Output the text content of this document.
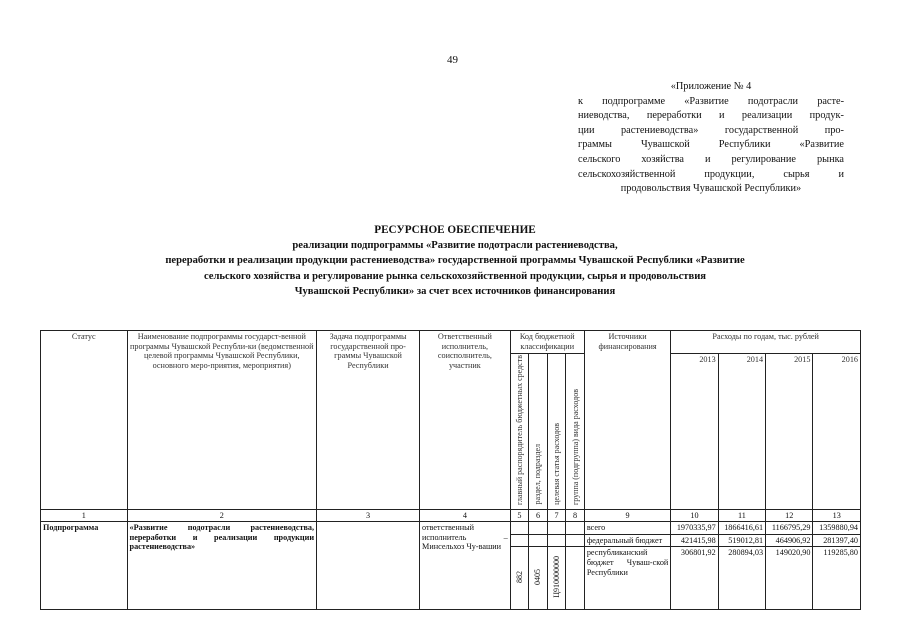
49
«Приложение № 4
к подпрограмме «Развитие подотрасли расте-
ниеводства, переработки и реализации продук-
ции растениеводства» государственной про-
граммы Чувашской Республики «Развитие
сельского хозяйства и регулирование рынка
сельскохозяйственной продукции, сырья и
продовольствия Чувашской Республики»
РЕСУРСНОЕ ОБЕСПЕЧЕНИЕ
реализации подпрограммы «Развитие подотрасли растениеводства,
переработки и реализации продукции растениеводства» государственной программы Чувашской Республики «Развитие
сельского хозяйства и регулирование рынка сельскохозяйственной продукции, сырья и продовольствия
Чувашской Республики» за счет всех источников финансирования
Статус	Наименование подпрограммы государст-венной программы Чувашской Республи-ки (ведомственной целевой программы Чувашской Республики, основного меро-приятия, мероприятия)	Задача подпрограммы государственной про-граммы Чувашской Республики	Ответственный исполнитель, соисполнитель, участник	Код бюджетной классификации				Источники финансирования	Расходы по годам, тыс. рублей			
				главный распорядитель бюджетных средств	раздел, подраздел	целевая статья расходов	группа (подгруппа) вида расходов		2013	2014	2015	2016
1	2	3	4	5	6	7	8	9	10	11	12	13
Подпрограмма	«Развитие подотрасли растениеводства, переработки и реализации продукции растениеводства»		ответственный исполнитель – Минсельхоз Чу-вашии					всего	1970335,97	1866416,61	1166795,29	1359880,94
								федеральный бюджет	421415,98	519012,81	464906,92	281397,40
				882	0405	Ц910000000		республиканский бюджет Чуваш-ской Республики	306801,92	280894,03	149020,90	119285,80
